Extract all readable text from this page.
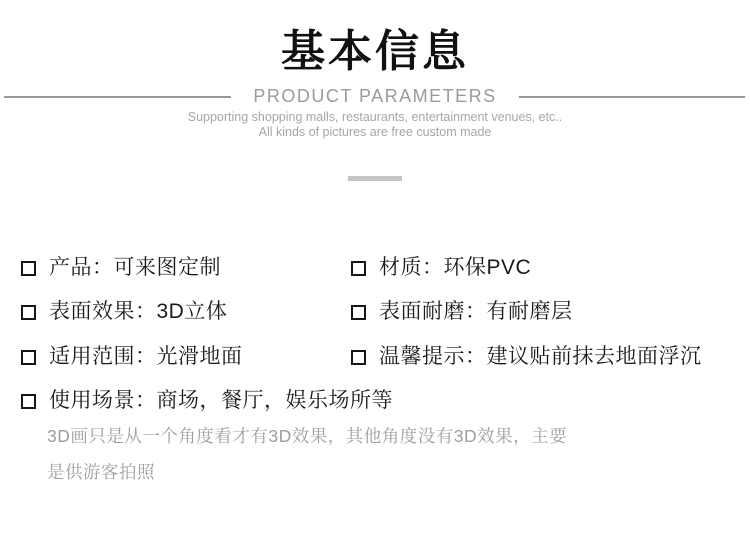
基本信息
PRODUCT PARAMETERS

Supporting shopping malls, restaurants, entertainment venues, etc..
All kinds of pictures are free custom made

产品：可来图定制	材质：环保PVC
表面效果：3D立体	表面耐磨：有耐磨层
适用范围：光滑地面	温馨提示：建议贴前抹去地面浮沉
使用场景：商场，餐厅，娱乐场所等

3D画只是从一个角度看才有3D效果，其他角度没有3D效果，主要

是供游客拍照
